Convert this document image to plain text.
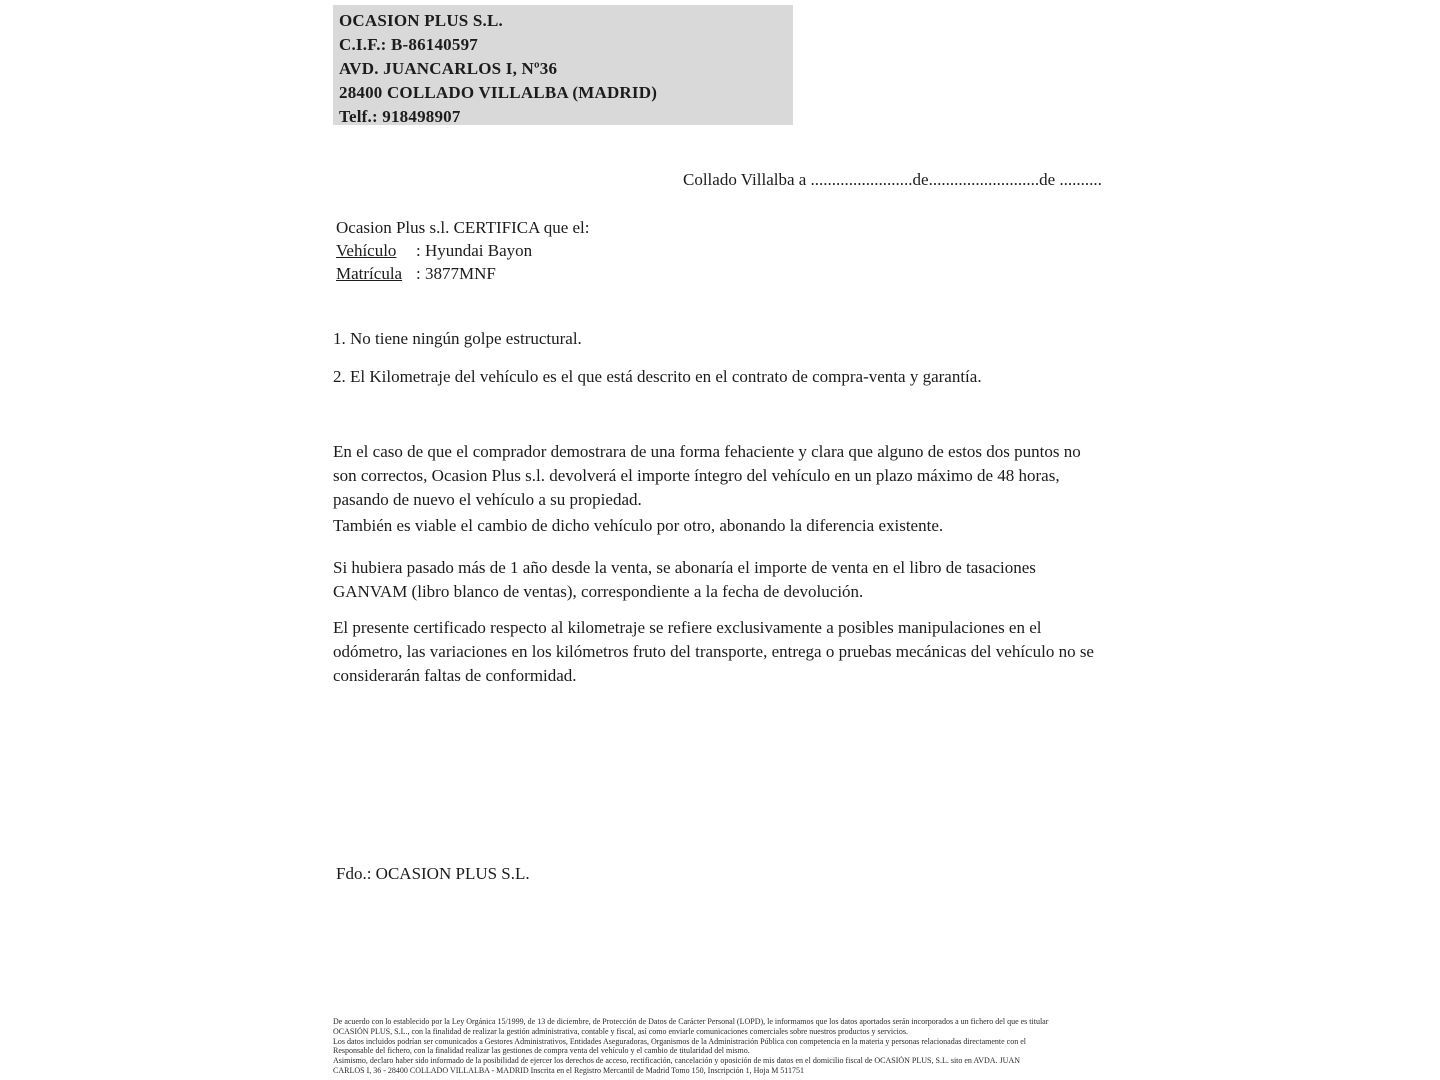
OCASION PLUS S.L.
C.I.F.: B-86140597
AVD. JUANCARLOS I, Nº36
28400 COLLADO VILLALBA (MADRID)
Telf.: 918498907
Collado Villalba a ........................de..........................de ..........
Ocasion Plus s.l. CERTIFICA que el:
Vehículo : Hyundai Bayon
Matrícula : 3877MNF
1. No tiene ningún golpe estructural.
2. El Kilometraje del vehículo es el que está descrito en el contrato de compra-venta y garantía.
En el caso de que el comprador demostrara de una forma fehaciente y clara que alguno de estos dos puntos no son correctos, Ocasion Plus s.l. devolverá el importe íntegro del vehículo en un plazo máximo de 48 horas, pasando de nuevo el vehículo a su propiedad.
También es viable el cambio de dicho vehículo por otro, abonando la diferencia existente.
Si hubiera pasado más de 1 año desde la venta, se abonaría el importe de venta en el libro de tasaciones GANVAM (libro blanco de ventas), correspondiente a la fecha de devolución.
El presente certificado respecto al kilometraje se refiere exclusivamente a posibles manipulaciones en el odómetro, las variaciones en los kilómetros fruto del transporte, entrega o pruebas mecánicas del vehículo no se considerarán faltas de conformidad.
Fdo.: OCASION PLUS S.L.
De acuerdo con lo establecido por la Ley Orgánica 15/1999, de 13 de diciembre, de Protección de Datos de Carácter Personal (LOPD), le informamos que los datos aportados serán incorporados a un fichero del que es titular
OCASIÓN PLUS, S.L., con la finalidad de realizar la gestión administrativa, contable y fiscal, así como enviarle comunicaciones comerciales sobre nuestros productos y servicios.
Los datos incluidos podrían ser comunicados a Gestores Administrativos, Entidades Aseguradoras, Organismos de la Administración Pública con competencia en la materia y personas relacionadas directamente con el
Responsable del fichero, con la finalidad realizar las gestiones de compra venta del vehículo y el cambio de titularidad del mismo.
Asimismo, declaro haber sido informado de la posibilidad de ejercer los derechos de acceso, rectificación, cancelación y oposición de mis datos en el domicilio fiscal de OCASIÓN PLUS, S.L. sito en AVDA. JUAN
CARLOS I, 36 - 28400 COLLADO VILLALBA - MADRID Inscrita en el Registro Mercantil de Madrid Tomo 150, Inscripción 1, Hoja M 511751
